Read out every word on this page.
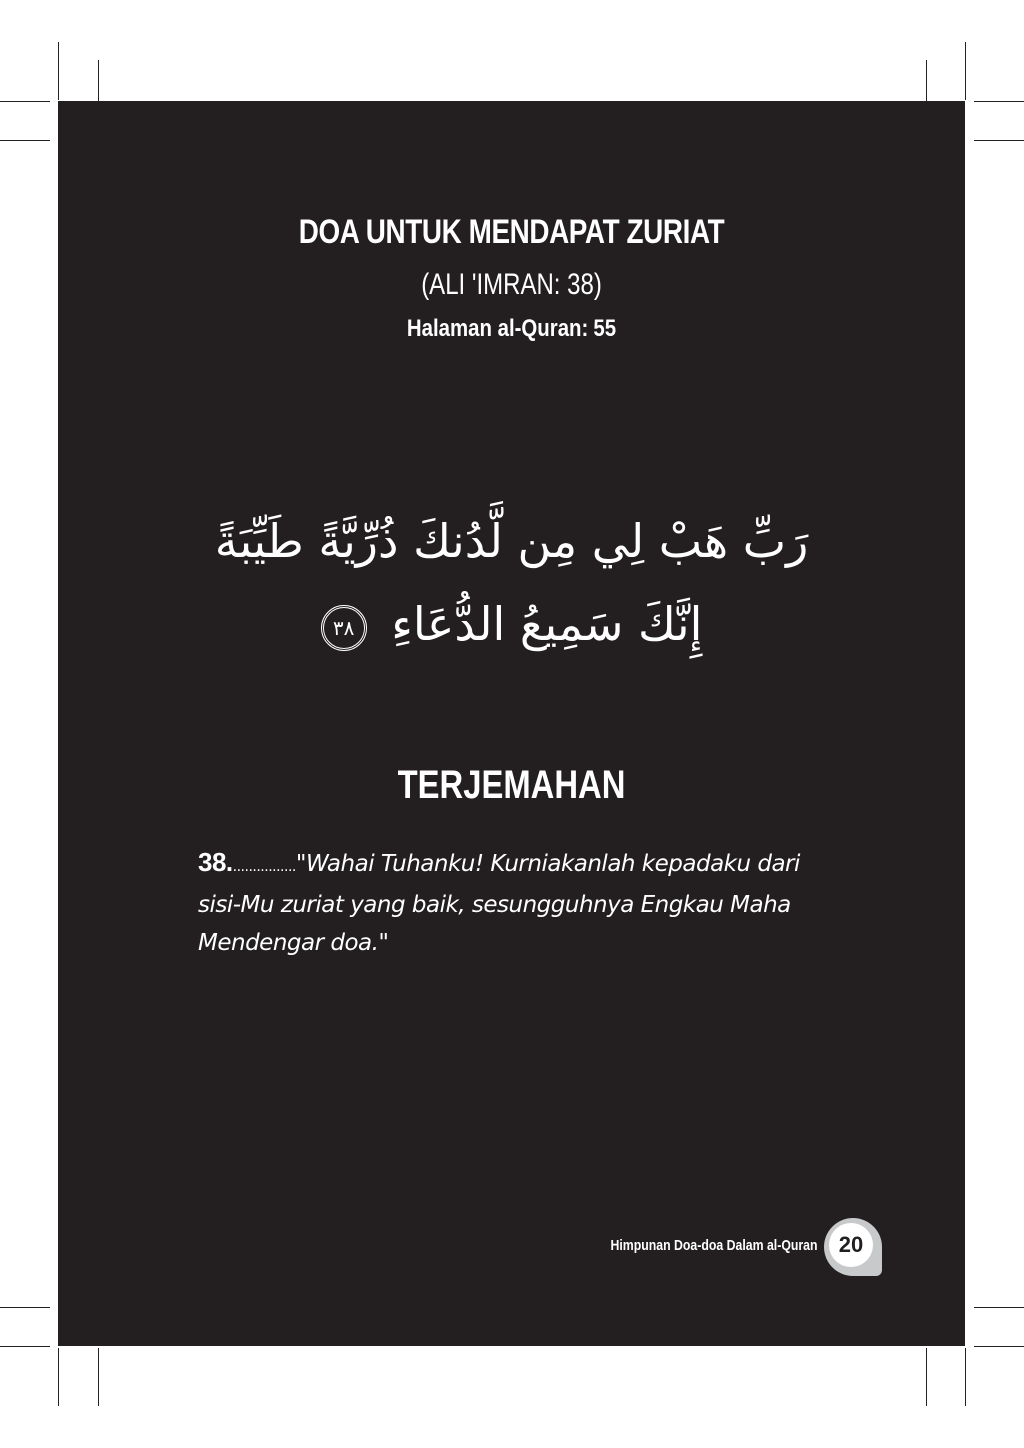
DOA UNTUK MENDAPAT ZURIAT
(ALI 'IMRAN: 38)
Halaman al-Quran: 55
رَبِّ هَبْ لِي مِن لَّدُنكَ ذُرِّيَّةً طَيِّبَةً
إِنَّكَ سَمِيعُ الدُّعَاءِ ٣٨
TERJEMAHAN
38................."Wahai Tuhanku! Kurniakanlah kepadaku dari sisi-Mu zuriat yang baik, sesungguhnya Engkau Maha Mendengar doa."
Himpunan Doa-doa Dalam al-Quran 20
